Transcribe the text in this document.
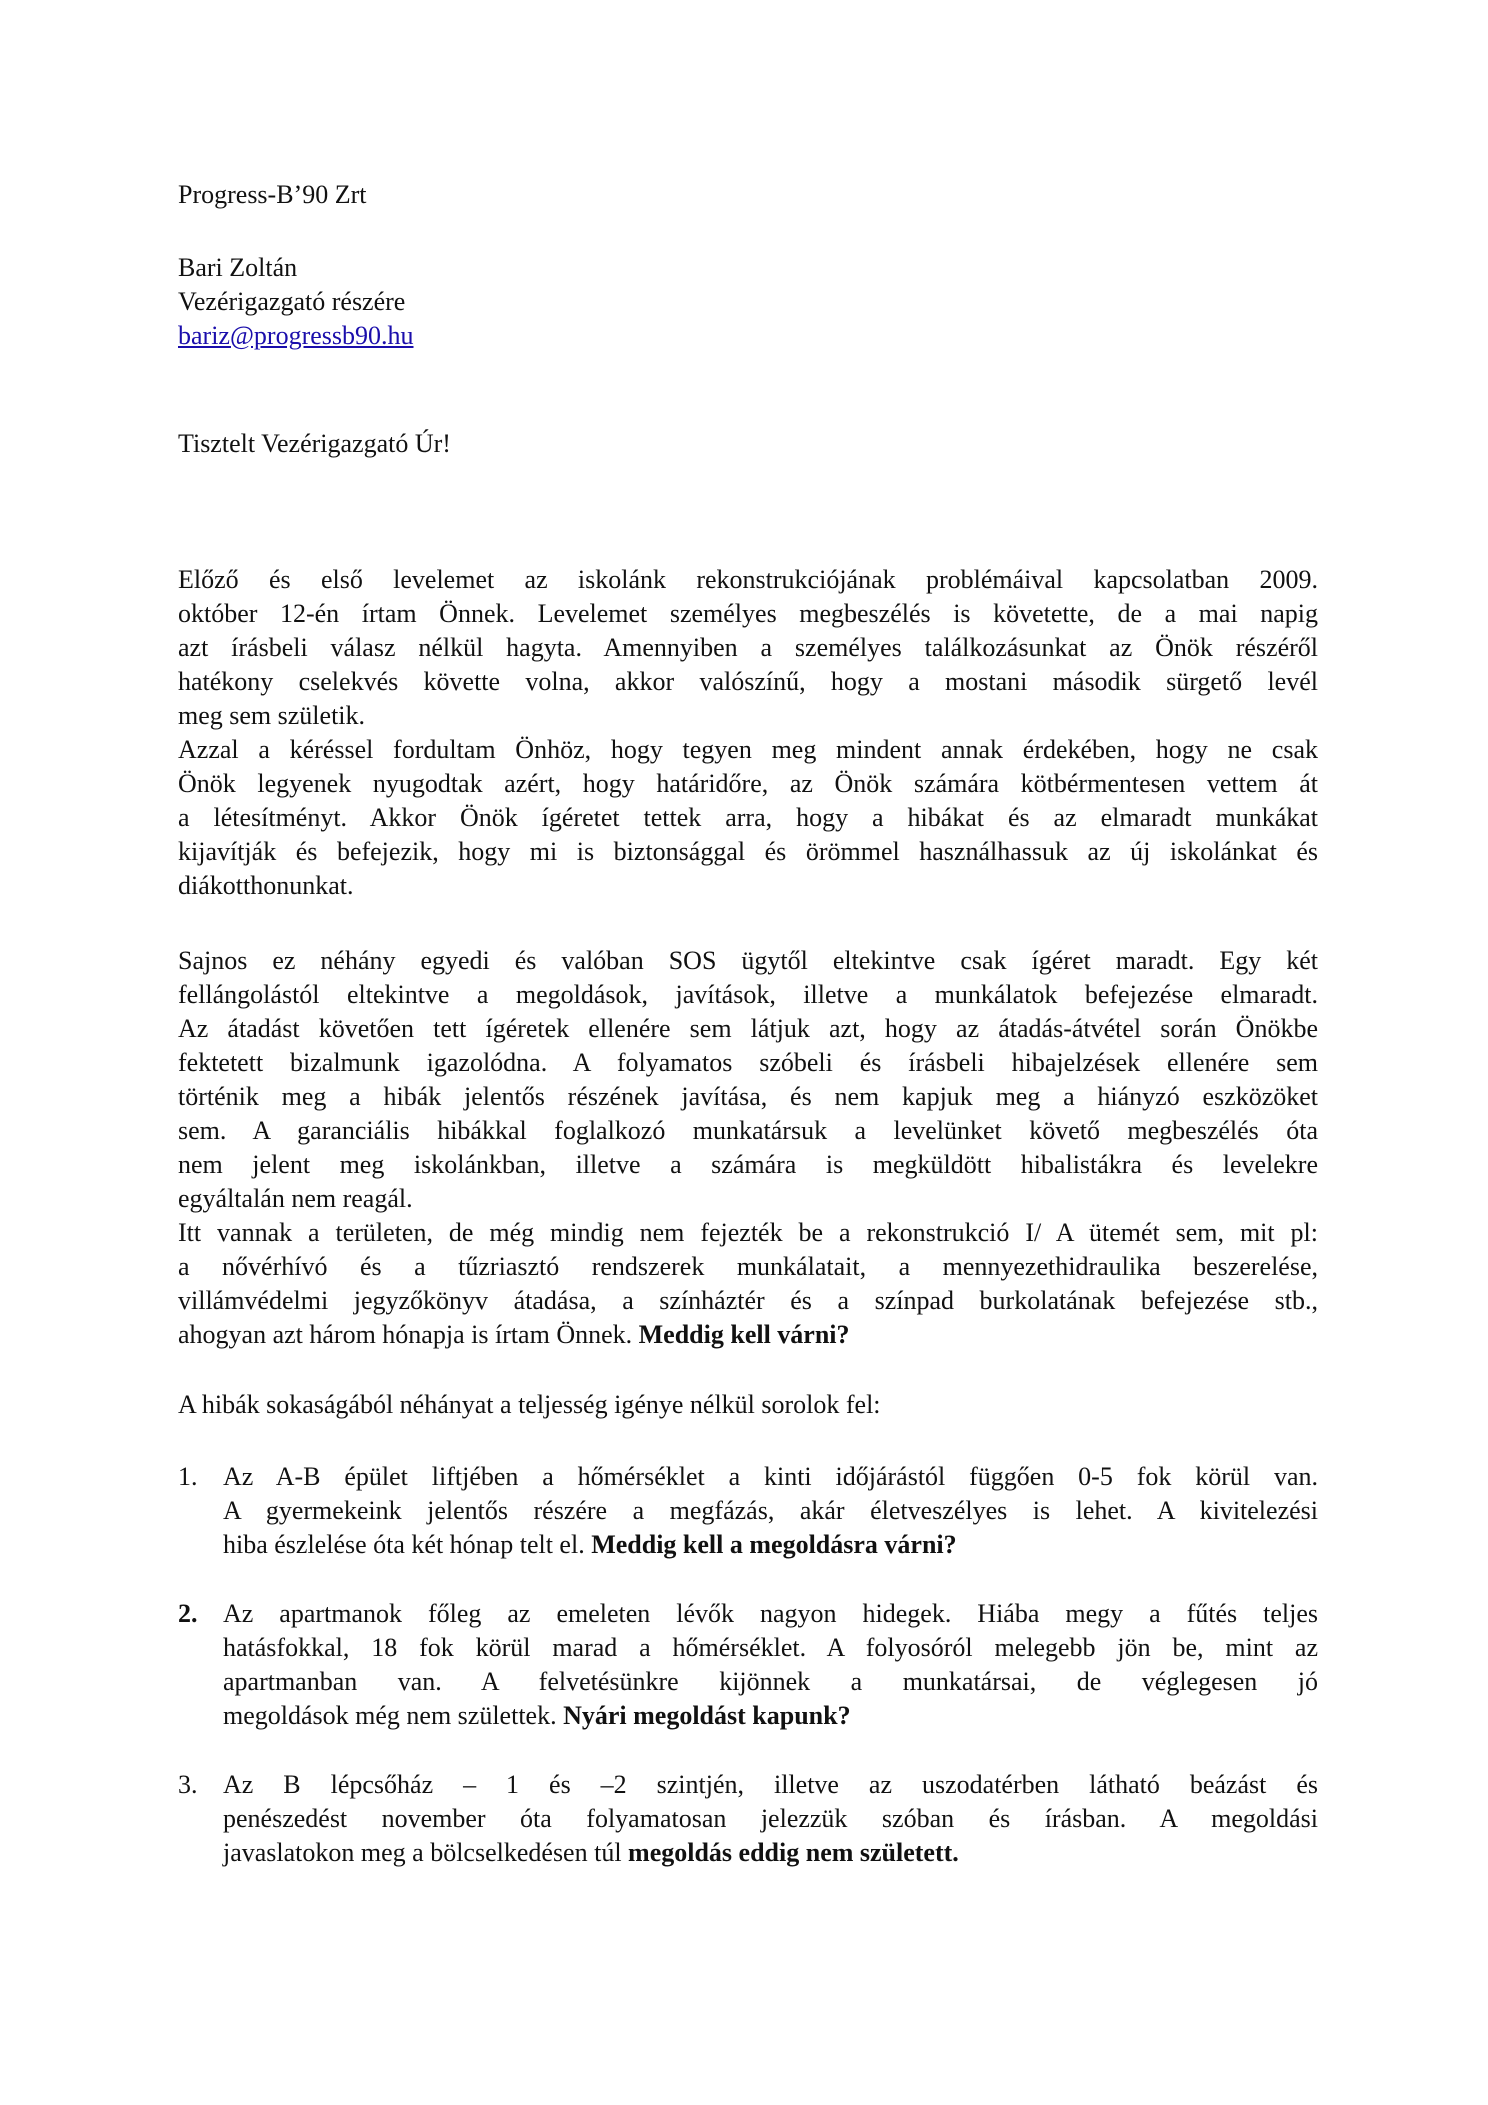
Progress-B’90 Zrt
Bari Zoltán
Vezérigazgató részére
bariz@progressb90.hu
Tisztelt Vezérigazgató Úr!
Előző és első levelemet az iskolánk rekonstrukciójának problémáival kapcsolatban 2009.
október 12-én írtam Önnek. Levelemet személyes megbeszélés is követette, de a mai napig
azt írásbeli válasz nélkül hagyta. Amennyiben a személyes találkozásunkat az Önök részéről
hatékony cselekvés követte volna, akkor valószínű, hogy a mostani második sürgető levél
meg sem születik.
Azzal a kéréssel fordultam Önhöz, hogy tegyen meg mindent annak érdekében, hogy ne csak
Önök legyenek nyugodtak azért, hogy határidőre, az Önök számára kötbérmentesen vettem át
a létesítményt. Akkor Önök ígéretet tettek arra, hogy a hibákat és az elmaradt munkákat
kijavítják és befejezik, hogy mi is biztonsággal és örömmel használhassuk az új iskolánkat és
diákotthonunkat.
Sajnos ez néhány egyedi és valóban SOS ügytől eltekintve csak ígéret maradt. Egy két
fellángolástól eltekintve a megoldások, javítások, illetve a munkálatok befejezése elmaradt.
Az átadást követően tett ígéretek ellenére sem látjuk azt, hogy az átadás-átvétel során Önökbe
fektetett bizalmunk igazolódna. A folyamatos szóbeli és írásbeli hibajelzések ellenére sem
történik meg a hibák jelentős részének javítása, és nem kapjuk meg a hiányzó eszközöket
sem. A garanciális hibákkal foglalkozó munkatársuk a levelünket követő megbeszélés óta
nem jelent meg iskolánkban, illetve a számára is megküldött hibalistákra és levelekre
egyáltalán nem reagál.
Itt vannak a területen, de még mindig nem fejezték be a rekonstrukció I/ A ütemét sem, mit pl:
a nővérhívó és a tűzriasztó rendszerek munkálatait, a mennyezethidraulika beszerelése,
villámvédelmi jegyzőkönyv átadása, a színháztér és a színpad burkolatának befejezése stb.,
ahogyan azt három hónapja is írtam Önnek. Meddig kell várni?
A hibák sokaságából néhányat a teljesség igénye nélkül sorolok fel:
1. Az A-B épület liftjében a hőmérséklet a kinti időjárástól függően 0-5 fok körül van.
A gyermekeink jelentős részére a megfázás, akár életveszélyes is lehet. A kivitelezési
hiba észlelése óta két hónap telt el. Meddig kell a megoldásra várni?
2. Az apartmanok főleg az emeleten lévők nagyon hidegek. Hiába megy a fűtés teljes
hatásfokkal, 18 fok körül marad a hőmérséklet. A folyosóról melegebb jön be, mint az
apartmanban van. A felvetésünkre kijönnek a munkatársai, de véglegesen jó
megoldások még nem születtek. Nyári megoldást kapunk?
3. Az B lépcsőház – 1 és –2 szintjén, illetve az uszodatérben látható beázást és
penészedést november óta folyamatosan jelezzük szóban és írásban. A megoldási
javaslatokon meg a bölcselkedésen túl megoldás eddig nem született.
